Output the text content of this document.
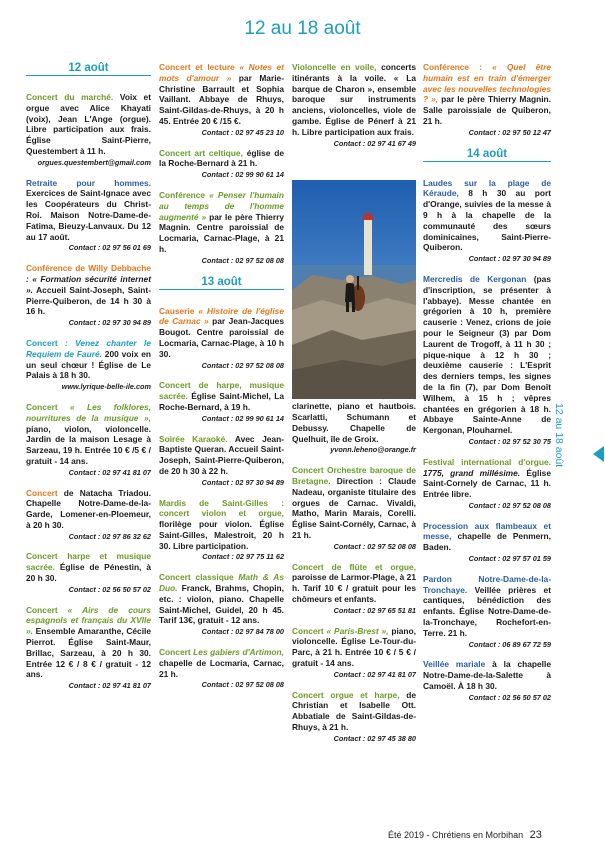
12 au 18 août
12 août
Concert du marché. Voix et orgue avec Alice Khayati (voix), Jean L'Ange (orgue). Libre participation aux frais. Église Saint-Pierre, Questembert à 11 h.
orgues.questembert@gmail.com
Retraite pour hommes. Exercices de Saint-Ignace avec les Coopérateurs du Christ-Roi. Maison Notre-Dame-de-Fatima, Bieuzy-Lanvaux. Du 12 au 17 août.
Contact : 02 97 56 01 69
Conférence de Willy Debbache : « Formation sécurité internet ». Accueil Saint-Joseph, Saint-Pierre-Quiberon, de 14 h 30 à 16 h.
Contact : 02 97 30 94 89
Concert : Venez chanter le Requiem de Fauré. 200 voix en un seul chœur ! Église de Le Palais à 18 h 30.
www.lyrique-belle-ile.com
Concert « Les folklores, nourritures de la musique », piano, violon, violoncelle. Jardin de la maison Lesage à Sarzeau, 19 h. Entrée 10 € /5 € / gratuit - 14 ans.
Contact : 02 97 41 81 07
Concert de Natacha Triadou. Chapelle Notre-Dame-de-la-Garde, Lomener-en-Ploemeur, à 20 h 30.
Contact : 02 97 86 32 62
Concert harpe et musique sacrée. Église de Pénestin, à 20 h 30.
Contact : 02 56 50 57 02
Concert « Airs de cours espagnols et français du XVIIe ». Ensemble Amaranthe, Cécile Pierrot. Église Saint-Maur, Brillac, Sarzeau, à 20 h 30. Entrée 12 € / 8 € / gratuit - 12 ans.
Contact : 02 97 41 81 07
Concert et lecture « Notes et mots d'amour » par Marie-Christine Barrault et Sophia Vaillant. Abbaye de Rhuys, Saint-Gildas-de-Rhuys, à 20 h 45. Entrée 20 € /15 €.
Contact : 02 97 45 23 10
Concert art celtique, église de la Roche-Bernard à 21 h.
Contact : 02 99 90 61 14
Conférence « Penser l'humain au temps de l'homme augmenté » par le père Thierry Magnin. Centre paroissial de Locmaria, Carnac-Plage, à 21 h.
Contact : 02 97 52 08 08
13 août
Causerie « Histoire de l'église de Carnac » par Jean-Jacques Bougot. Centre paroissial de Locmaria, Carnac-Plage, à 10 h 30.
Contact : 02 97 52 08 08
Concert de harpe, musique sacrée. Église Saint-Michel, La Roche-Bernard, à 19 h.
Contact : 02 99 90 61 14
Soirée Karaoké. Avec Jean-Baptiste Queran. Accueil Saint-Joseph, Saint-Pierre-Quiberon, de 20 h 30 à 22 h.
Contact : 02 97 30 94 89
Mardis de Saint-Gilles : concert violon et orgue, florilège pour violon. Église Saint-Gilles, Malestroit, 20 h 30. Libre participation.
Contact : 02 97 75 11 62
Concert classique Math & As Duo. Franck, Brahms, Chopin, etc. : violon, piano. Chapelle Saint-Michel, Guidel, 20 h 45. Tarif 13€, gratuit - 12 ans.
Contact : 02 97 84 78 00
Concert Les gabiers d'Artimon, chapelle de Locmaria, Carnac, 21 h.
Contact : 02 97 52 08 08
Violoncelle en voile, concerts itinérants à la voile. « La barque de Charon », ensemble baroque sur instruments anciens, violoncelles, viole de gambe. Église de Pénerf à 21 h. Libre participation aux frais.
Contact : 02 97 41 67 49
clarinette, piano et hautbois. Scarlatti, Schumann et Debussy. Chapelle de Quelhuit, île de Groix.
yvonn.leheno@orange.fr
Concert Orchestre baroque de Bretagne. Direction : Claude Nadeau, organiste titulaire des orgues de Carnac. Vivaldi, Matho, Marin Marais, Corelli. Église Saint-Cornély, Carnac, à 21 h.
Contact : 02 97 52 08 08
Concert de flûte et orgue, paroisse de Larmor-Plage, à 21 h. Tarif 10 € / gratuit pour les chômeurs et enfants.
Contact : 02 97 65 51 81
Concert « Paris-Brest », piano, violoncelle. Église Le-Tour-du-Parc, à 21 h. Entrée 10 € / 5 € / gratuit - 14 ans.
Contact : 02 97 41 81 07
Concert orgue et harpe, de Christian et Isabelle Ott. Abbatiale de Saint-Gildas-de-Rhuys, à 21 h.
Contact : 02 97 45 38 80
Conférence : « Quel être humain est en train d'émerger avec les nouvelles technologies ? », par le père Thierry Magnin. Salle paroissiale de Quiberon, 21 h.
Contact : 02 97 50 12 47
14 août
Laudes sur la plage de Kéraude, 8 h 30 au port d'Orange, suivies de la messe à 9 h à la chapelle de la communauté des sœurs dominicaines, Saint-Pierre-Quiberon.
Contact : 02 97 30 94 89
Mercredis de Kergonan (pas d'inscription, se présenter à l'abbaye). Messe chantée en grégorien à 10 h, première causerie : Venez, crions de joie pour le Seigneur (3) par Dom Laurent de Trogoff, à 11 h 30 ; pique-nique à 12 h 30 ; deuxième causerie : L'Esprit des derniers temps, les signes de la fin (7), par Dom Benoît Wilhem, à 15 h ; vêpres chantées en grégorien à 18 h. Abbaye Sainte-Anne de Kergonan, Plouharnel.
Contact : 02 97 52 30 75
Festival international d'orgue. 1775, grand millésime. Église Saint-Cornely de Carnac, 11 h. Entrée libre.
Contact : 02 97 52 08 08
Procession aux flambeaux et messe, chapelle de Penmern, Baden.
Contact : 02 97 57 01 59
Pardon Notre-Dame-de-la-Tronchaye. Veillée prières et cantiques, bénédiction des enfants. Église Notre-Dame-de-la-Tronchaye, Rochefort-en-Terre. 21 h.
Contact : 06 89 67 72 59
Veillée mariale à la chapelle Notre-Dame-de-la-Salette à Camoël. À 18 h 30.
Contact : 02 56 50 57 02
12 au 18 août
Été 2019 - Chrétiens en Morbihan 23
